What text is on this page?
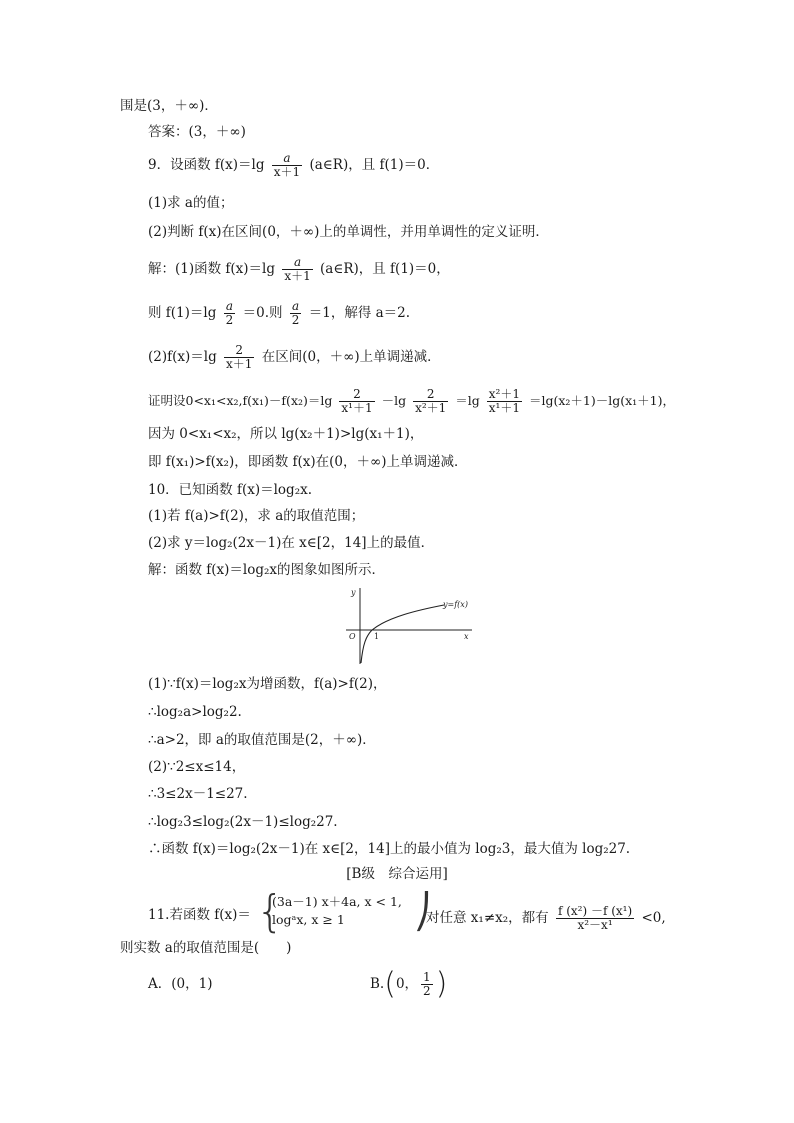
围是(3，＋∞)．
答案：(3，＋∞)
9．设函数 $f(x)=\lg \frac{a}{x+1}$ (a∈R)，且 f(1)＝0．
(1)求 a的值；
(2)判断 f(x)在区间(0，＋∞)上的单调性，并用单调性的定义证明．
解：(1)函数 $f(x)=\lg \frac{a}{x+1}$ (a∈R)，且 f(1)＝0，
则 $f(1)=\lg \frac{a}{2} =0$.则 $\frac{a}{2} =1$，解得 a＝2.
$(2)f(x)=\lg \frac{2}{x+1}$ 在区间(0，＋∞)上单调递减．
证明设$0<x_1<x_2,f(x_1)-f(x_2)=\lg \frac{2}{\text{x¹＋1}} -\lg \frac{2}{\text{x²＋1}} =\lg \frac{\text{x²＋1}}{\text{x¹＋1}} =\lg(x_2+1)-\lg(x_1+1)$，
因为 0<x₁<x₂，所以 lg(x₂＋1)>lg(x₁＋1)，
即 f(x₁)>f(x₂)，即函数 f(x)在(0，＋∞)上单调递减．
10．已知函数 f(x)＝log₂x.
(1)若 f(a)>f(2)，求 a的取值范围；
(2)求 y＝log₂(2x－1)在 x∈[2，14]上的最值．
解：函数 f(x)＝log₂x的图象如图所示．
y
x
O 1
y=f(x)
(1)∵f(x)＝log₂x为增函数，f(a)>f(2)，
∴log₂a>log₂2.
∴a>2，即 a的取值范围是(2，＋∞)．
(2)∵2≤x≤14，
∴3≤2x－1≤27.
∴log₂3≤log₂(2x－1)≤log₂27.
∴函数 f(x)＝log₂(2x－1)在 x∈[2，14]上的最小值为 log₂3，最大值为 log₂27.
[B级　综合运用]
11.若函数 f(x)＝ {
(3a－1) x＋4a, x < 1,
logᵃx, x ≥ 1 ⎠
对任意 x₁≠x₂，都有 $\frac{\text{f (x²) －f (x¹)}}{\text{x²－x¹}} <0$,
则实数 a的取值范围是(　　)
A．(0，1)	B.(0， $\frac{1}{2}$ )
